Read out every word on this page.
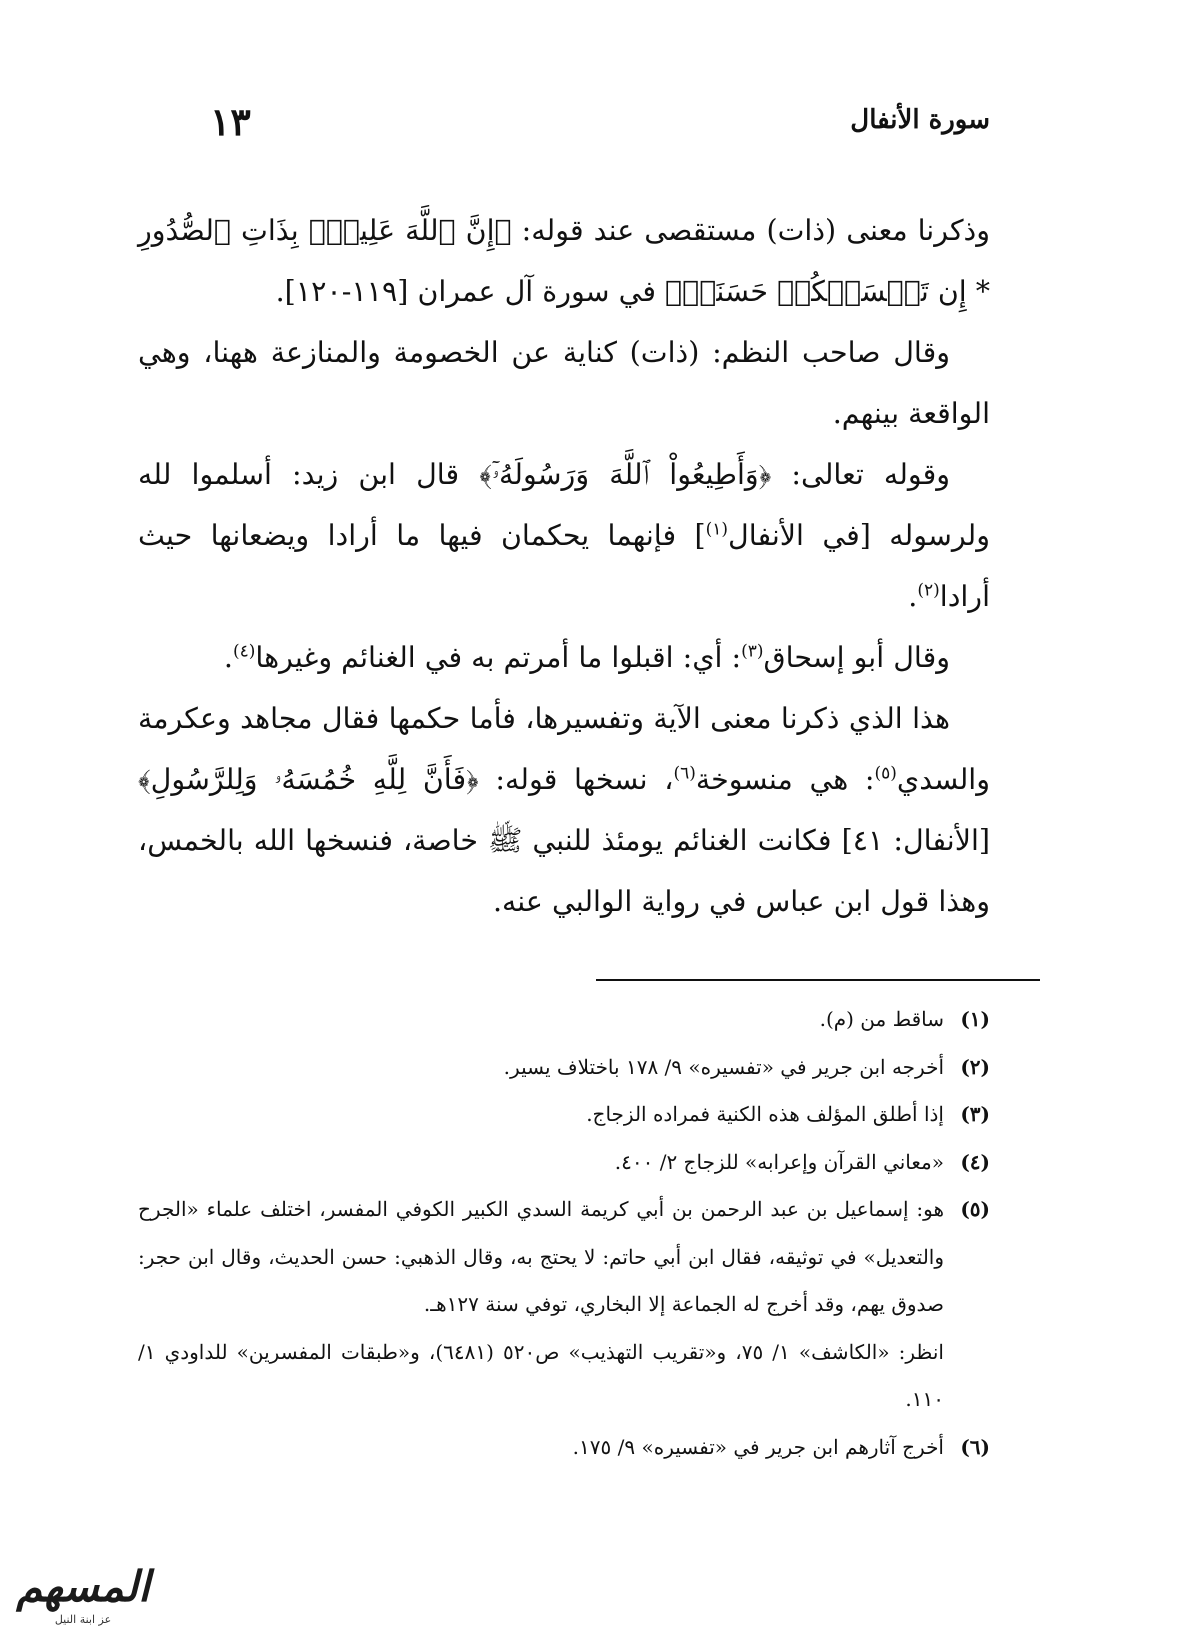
سورة الأنفال
١٣

وذكرنا معنى (ذات) مستقصى عند قوله: ﴿إِنَّ ٱللَّهَ عَلِيمٌۢ بِذَاتِ ٱلصُّدُورِ * إِن تَمۡسَسۡكُمۡ حَسَنَةٞ﴾ في سورة آل عمران [١١٩-١٢٠].

وقال صاحب النظم: (ذات) كناية عن الخصومة والمنازعة ههنا، وهي الواقعة بينهم.

وقوله تعالى: ﴿وَأَطِيعُواْ ٱللَّهَ وَرَسُولَهُۥٓ﴾ قال ابن زيد: أسلموا لله ولرسوله [في الأنفال$^{(١)}$] فإنهما يحكمان فيها ما أرادا ويضعانها حيث أرادا$^{(٢)}$.

وقال أبو إسحاق$^{(٣)}$: أي: اقبلوا ما أمرتم به في الغنائم وغيرها$^{(٤)}$.

هذا الذي ذكرنا معنى الآية وتفسيرها، فأما حكمها فقال مجاهد وعكرمة والسدي$^{(٥)}$: هي منسوخة$^{(٦)}$، نسخها قوله: ﴿فَأَنَّ لِلَّهِ خُمُسَهُۥ وَلِلرَّسُولِ﴾ [الأنفال: ٤١] فكانت الغنائم يومئذ للنبي ﷺ خاصة، فنسخها الله بالخمس، وهذا قول ابن عباس في رواية الوالبي عنه.

(١)
ساقط من (م).
(٢)
أخرجه ابن جرير في «تفسيره» ٩/ ١٧٨ باختلاف يسير.
(٣)
إذا أطلق المؤلف هذه الكنية فمراده الزجاج.
(٤)
«معاني القرآن وإعرابه» للزجاج ٢/ ٤٠٠.
(٥)
هو: إسماعيل بن عبد الرحمن بن أبي كريمة السدي الكبير الكوفي المفسر، اختلف علماء «الجرح والتعديل» في توثيقه، فقال ابن أبي حاتم: لا يحتج به، وقال الذهبي: حسن الحديث، وقال ابن حجر: صدوق يهم، وقد أخرج له الجماعة إلا البخاري، توفي سنة ١٢٧هـ.
انظر: «الكاشف» ١/ ٧٥، و«تقريب التهذيب» ص٥٢٠ (٦٤٨١)، و«طبقات المفسرين» للداودي ١/ ١١٠.
(٦)
أخرج آثارهم ابن جرير في «تفسيره» ٩/ ١٧٥.
المسهم
عز ابنة النيل
